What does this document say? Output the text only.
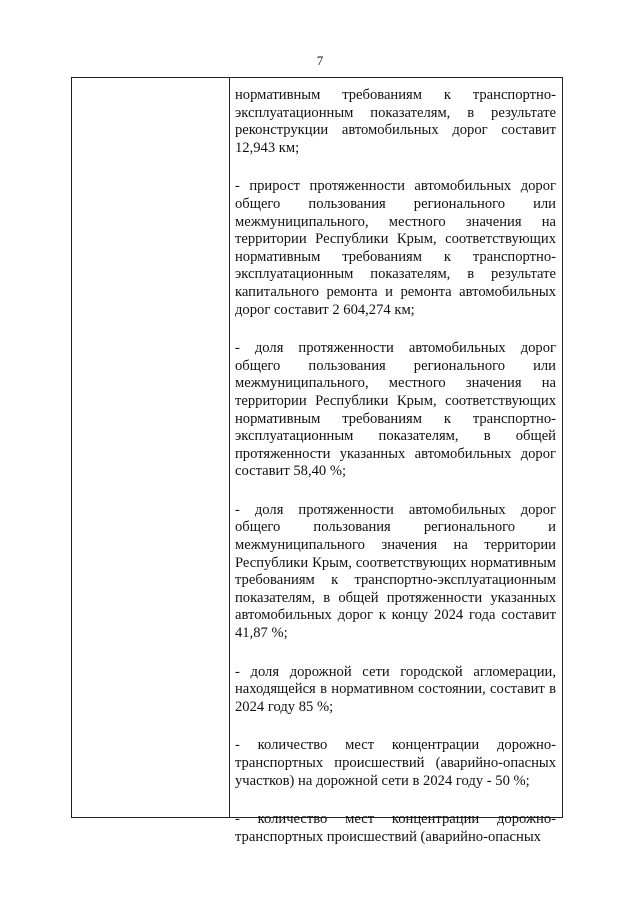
7

нормативным требованиям к транспортно-эксплуатационным показателям, в результате реконструкции автомобильных дорог составит 12,943 км;

- прирост протяженности автомобильных дорог общего пользования регионального или межмуниципального, местного значения на территории Республики Крым, соответствующих нормативным требованиям к транспортно-эксплуатационным показателям, в результате капитального ремонта и ремонта автомобильных дорог составит 2 604,274 км;

- доля протяженности автомобильных дорог общего пользования регионального или межмуниципального, местного значения на территории Республики Крым, соответствующих нормативным требованиям к транспортно-эксплуатационным показателям, в общей протяженности указанных автомобильных дорог составит 58,40 %;

- доля протяженности автомобильных дорог общего пользования регионального и межмуниципального значения на территории Республики Крым, соответствующих нормативным требованиям к транспортно-эксплуатационным показателям, в общей протяженности указанных автомобильных дорог к концу 2024 года составит 41,87 %;

- доля дорожной сети городской агломерации, находящейся в нормативном состоянии, составит в 2024 году 85 %;

- количество мест концентрации дорожно-транспортных происшествий (аварийно-опасных участков) на дорожной сети в 2024 году - 50 %;

- количество мест концентрации дорожно-транспортных происшествий (аварийно-опасных
